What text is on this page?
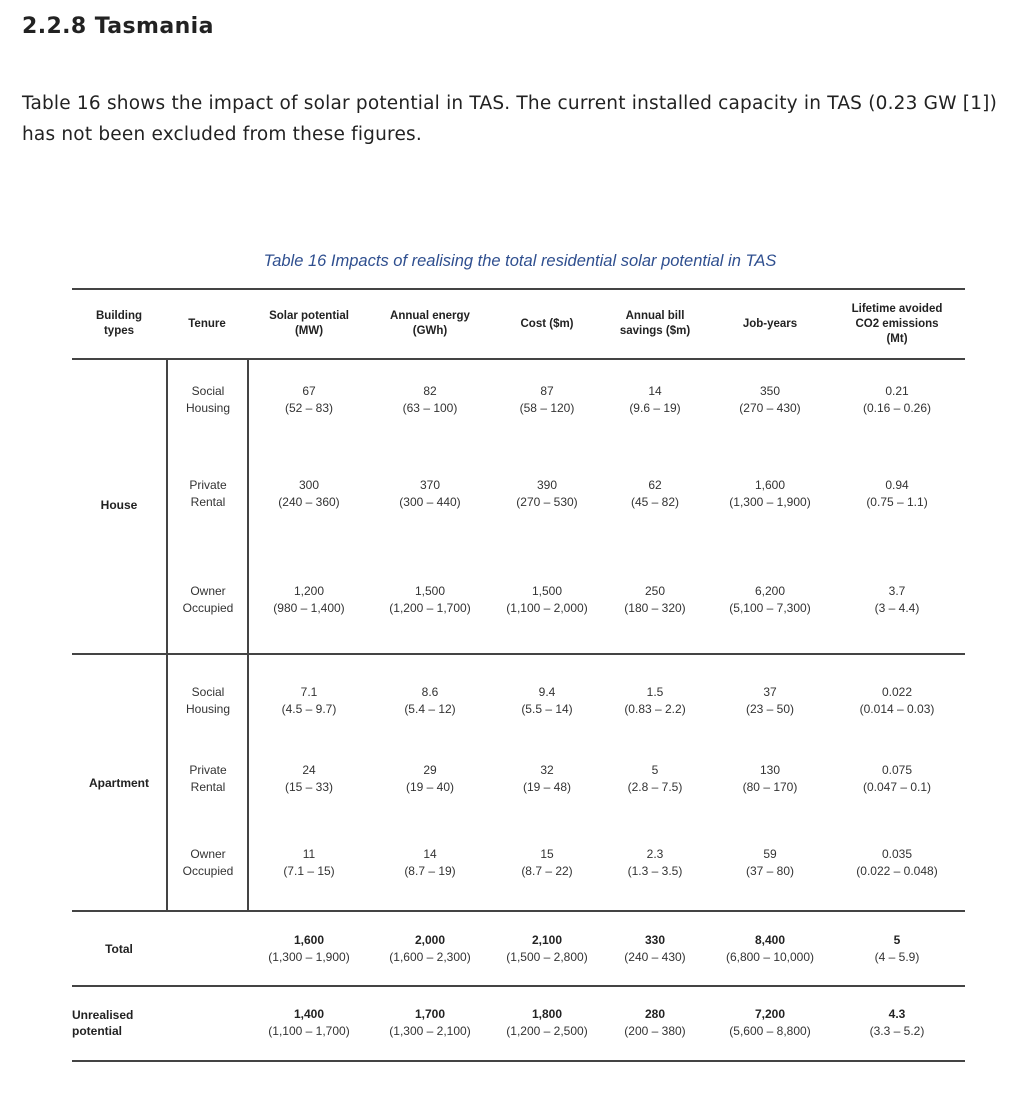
2.2.8 Tasmania

Table 16 shows the impact of solar potential in TAS. The current installed capacity in TAS (0.23 GW [1]) has not been excluded from these figures.

Table 16 Impacts of realising the total residential solar potential in TAS
Building
types
Tenure
Solar potential
(MW)
Annual energy
(GWh)
Cost ($m)
Annual bill
savings ($m)
Job-years
Lifetime avoided
CO2 emissions
(Mt)
House
Apartment
Social
Housing
67
(52 – 83)
82
(63 – 100)
87
(58 – 120)
14
(9.6 – 19)
350
(270 – 430)
0.21
(0.16 – 0.26)
Private
Rental
300
(240 – 360)
370
(300 – 440)
390
(270 – 530)
62
(45 – 82)
1,600
(1,300 – 1,900)
0.94
(0.75 – 1.1)
Owner
Occupied
1,200
(980 – 1,400)
1,500
(1,200 – 1,700)
1,500
(1,100 – 2,000)
250
(180 – 320)
6,200
(5,100 – 7,300)
3.7
(3 – 4.4)
Social
Housing
7.1
(4.5 – 9.7)
8.6
(5.4 – 12)
9.4
(5.5 – 14)
1.5
(0.83 – 2.2)
37
(23 – 50)
0.022
(0.014 – 0.03)
Private
Rental
24
(15 – 33)
29
(19 – 40)
32
(19 – 48)
5
(2.8 – 7.5)
130
(80 – 170)
0.075
(0.047 – 0.1)
Owner
Occupied
11
(7.1 – 15)
14
(8.7 – 19)
15
(8.7 – 22)
2.3
(1.3 – 3.5)
59
(37 – 80)
0.035
(0.022 – 0.048)
Total
1,600
(1,300 – 1,900)
2,000
(1,600 – 2,300)
2,100
(1,500 – 2,800)
330
(240 – 430)
8,400
(6,800 – 10,000)
5
(4 – 5.9)
Unrealised
potential
1,400
(1,100 – 1,700)
1,700
(1,300 – 2,100)
1,800
(1,200 – 2,500)
280
(200 – 380)
7,200
(5,600 – 8,800)
4.3
(3.3 – 5.2)
